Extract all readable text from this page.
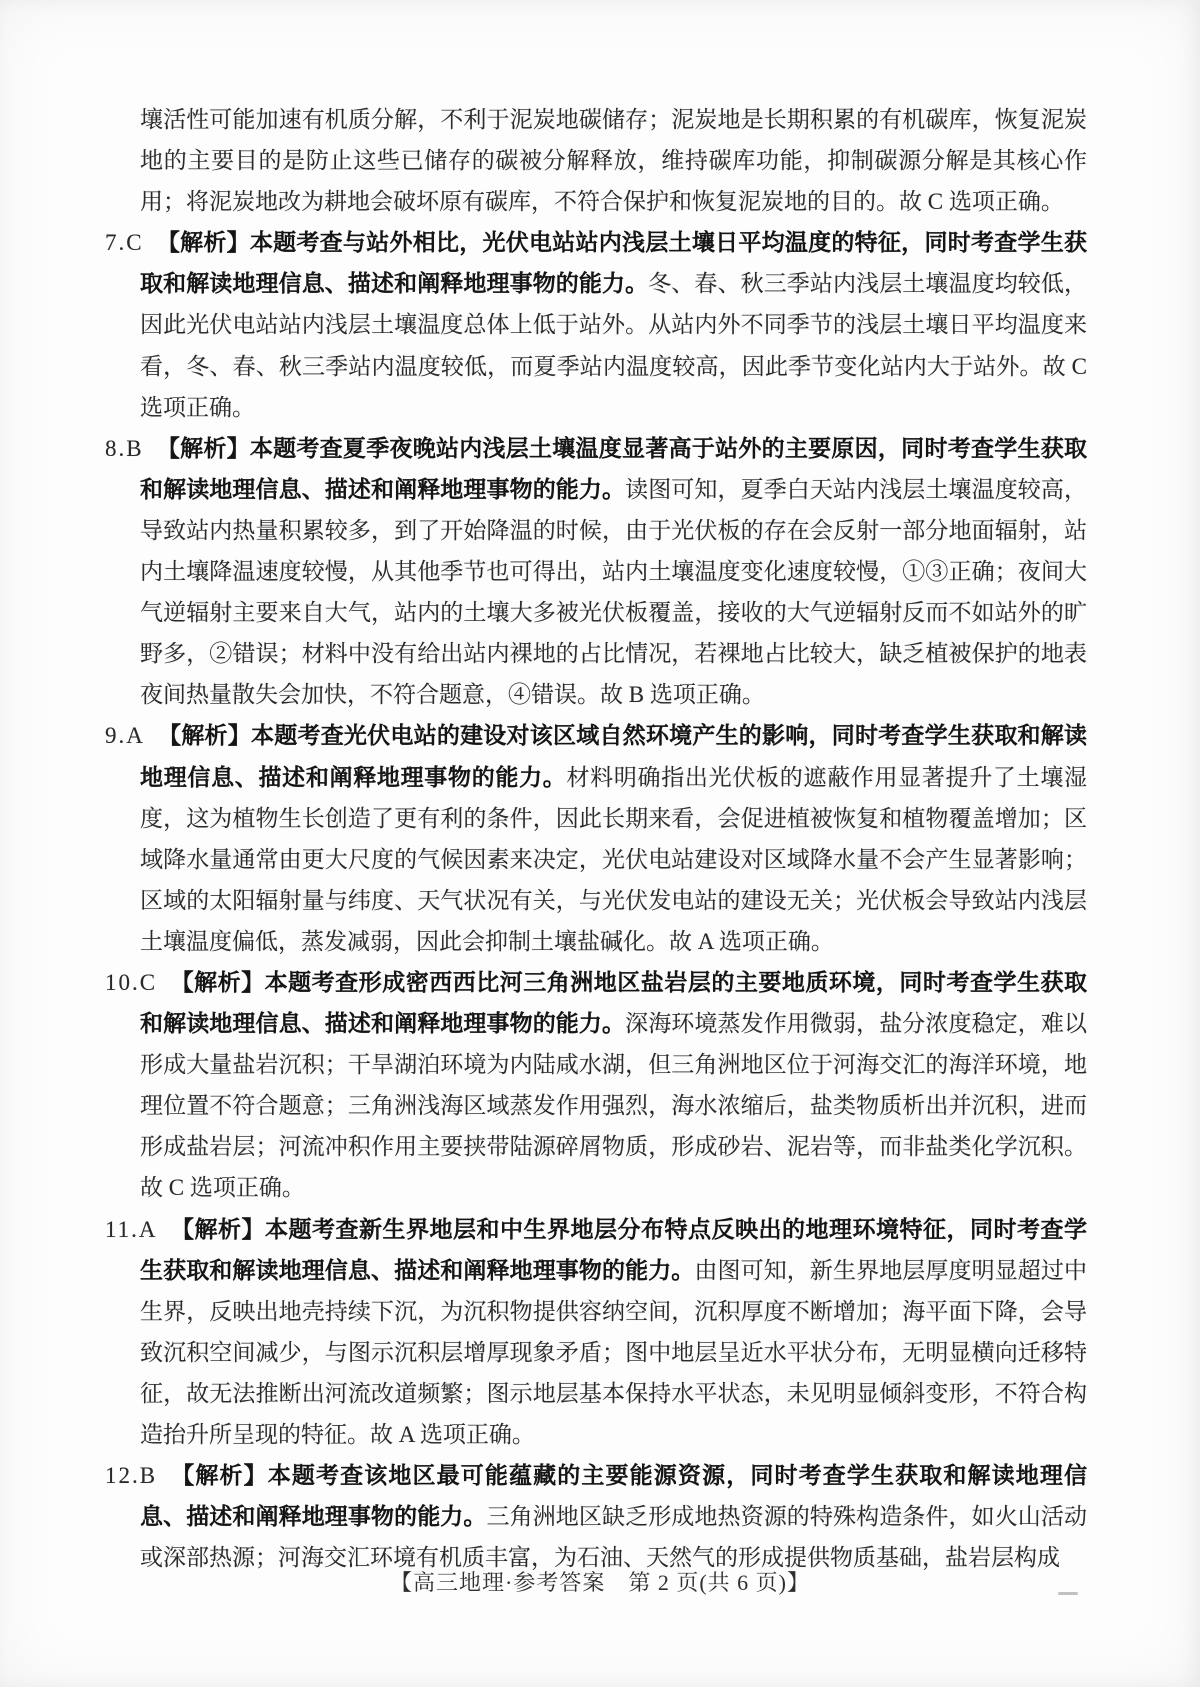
壤活性可能加速有机质分解，不利于泥炭地碳储存；泥炭地是长期积累的有机碳库，恢复泥炭地的主要目的是防止这些已储存的碳被分解释放，维持碳库功能，抑制碳源分解是其核心作用；将泥炭地改为耕地会破坏原有碳库，不符合保护和恢复泥炭地的目的。故 C 选项正确。

7.C 【解析】本题考查与站外相比，光伏电站站内浅层土壤日平均温度的特征，同时考查学生获取和解读地理信息、描述和阐释地理事物的能力。冬、春、秋三季站内浅层土壤温度均较低，因此光伏电站站内浅层土壤温度总体上低于站外。从站内外不同季节的浅层土壤日平均温度来看，冬、春、秋三季站内温度较低，而夏季站内温度较高，因此季节变化站内大于站外。故 C 选项正确。

8.B 【解析】本题考查夏季夜晚站内浅层土壤温度显著高于站外的主要原因，同时考查学生获取和解读地理信息、描述和阐释地理事物的能力。读图可知，夏季白天站内浅层土壤温度较高，导致站内热量积累较多，到了开始降温的时候，由于光伏板的存在会反射一部分地面辐射，站内土壤降温速度较慢，从其他季节也可得出，站内土壤温度变化速度较慢，①③正确；夜间大气逆辐射主要来自大气，站内的土壤大多被光伏板覆盖，接收的大气逆辐射反而不如站外的旷野多，②错误；材料中没有给出站内裸地的占比情况，若裸地占比较大，缺乏植被保护的地表夜间热量散失会加快，不符合题意，④错误。故 B 选项正确。

9.A 【解析】本题考查光伏电站的建设对该区域自然环境产生的影响，同时考查学生获取和解读地理信息、描述和阐释地理事物的能力。材料明确指出光伏板的遮蔽作用显著提升了土壤湿度，这为植物生长创造了更有利的条件，因此长期来看，会促进植被恢复和植物覆盖增加；区域降水量通常由更大尺度的气候因素来决定，光伏电站建设对区域降水量不会产生显著影响；区域的太阳辐射量与纬度、天气状况有关，与光伏发电站的建设无关；光伏板会导致站内浅层土壤温度偏低，蒸发减弱，因此会抑制土壤盐碱化。故 A 选项正确。

10.C 【解析】本题考查形成密西西比河三角洲地区盐岩层的主要地质环境，同时考查学生获取和解读地理信息、描述和阐释地理事物的能力。深海环境蒸发作用微弱，盐分浓度稳定，难以形成大量盐岩沉积；干旱湖泊环境为内陆咸水湖，但三角洲地区位于河海交汇的海洋环境，地理位置不符合题意；三角洲浅海区域蒸发作用强烈，海水浓缩后，盐类物质析出并沉积，进而形成盐岩层；河流冲积作用主要挟带陆源碎屑物质，形成砂岩、泥岩等，而非盐类化学沉积。故 C 选项正确。

11.A 【解析】本题考查新生界地层和中生界地层分布特点反映出的地理环境特征，同时考查学生获取和解读地理信息、描述和阐释地理事物的能力。由图可知，新生界地层厚度明显超过中生界，反映出地壳持续下沉，为沉积物提供容纳空间，沉积厚度不断增加；海平面下降，会导致沉积空间减少，与图示沉积层增厚现象矛盾；图中地层呈近水平状分布，无明显横向迁移特征，故无法推断出河流改道频繁；图示地层基本保持水平状态，未见明显倾斜变形，不符合构造抬升所呈现的特征。故 A 选项正确。

12.B 【解析】本题考查该地区最可能蕴藏的主要能源资源，同时考查学生获取和解读地理信息、描述和阐释地理事物的能力。三角洲地区缺乏形成地热资源的特殊构造条件，如火山活动或深部热源；河海交汇环境有机质丰富，为石油、天然气的形成提供物质基础，盐岩层构成

【高三地理·参考答案　第 2 页(共 6 页)】
